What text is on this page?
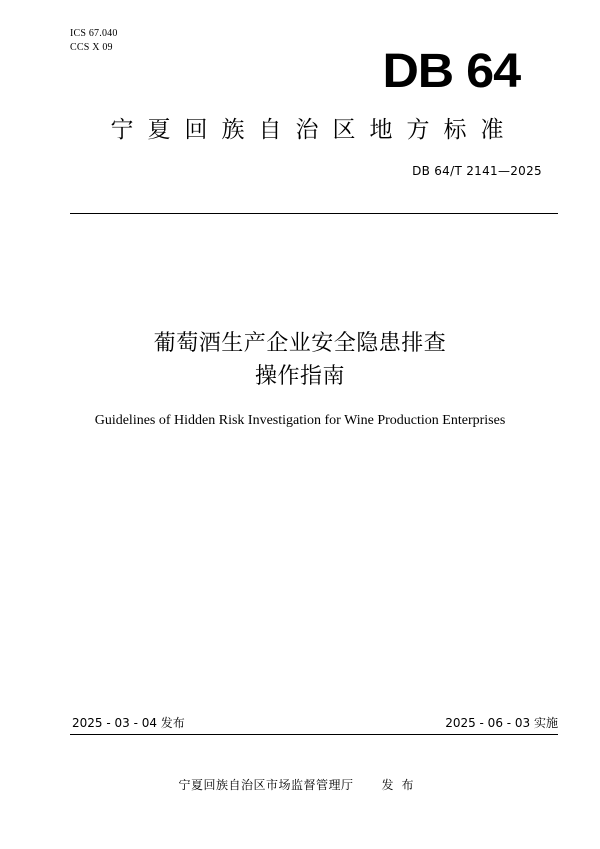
ICS 67.040
CCS X 09	DB 64
宁夏回族自治区地方标准
DB 64/T 2141—2025
葡萄酒生产企业安全隐患排查
操作指南
Guidelines of Hidden Risk Investigation for Wine Production Enterprises
2025 - 03 - 04 发布	2025 - 06 - 03 实施
宁夏回族自治区市场监督管理厅 发布
